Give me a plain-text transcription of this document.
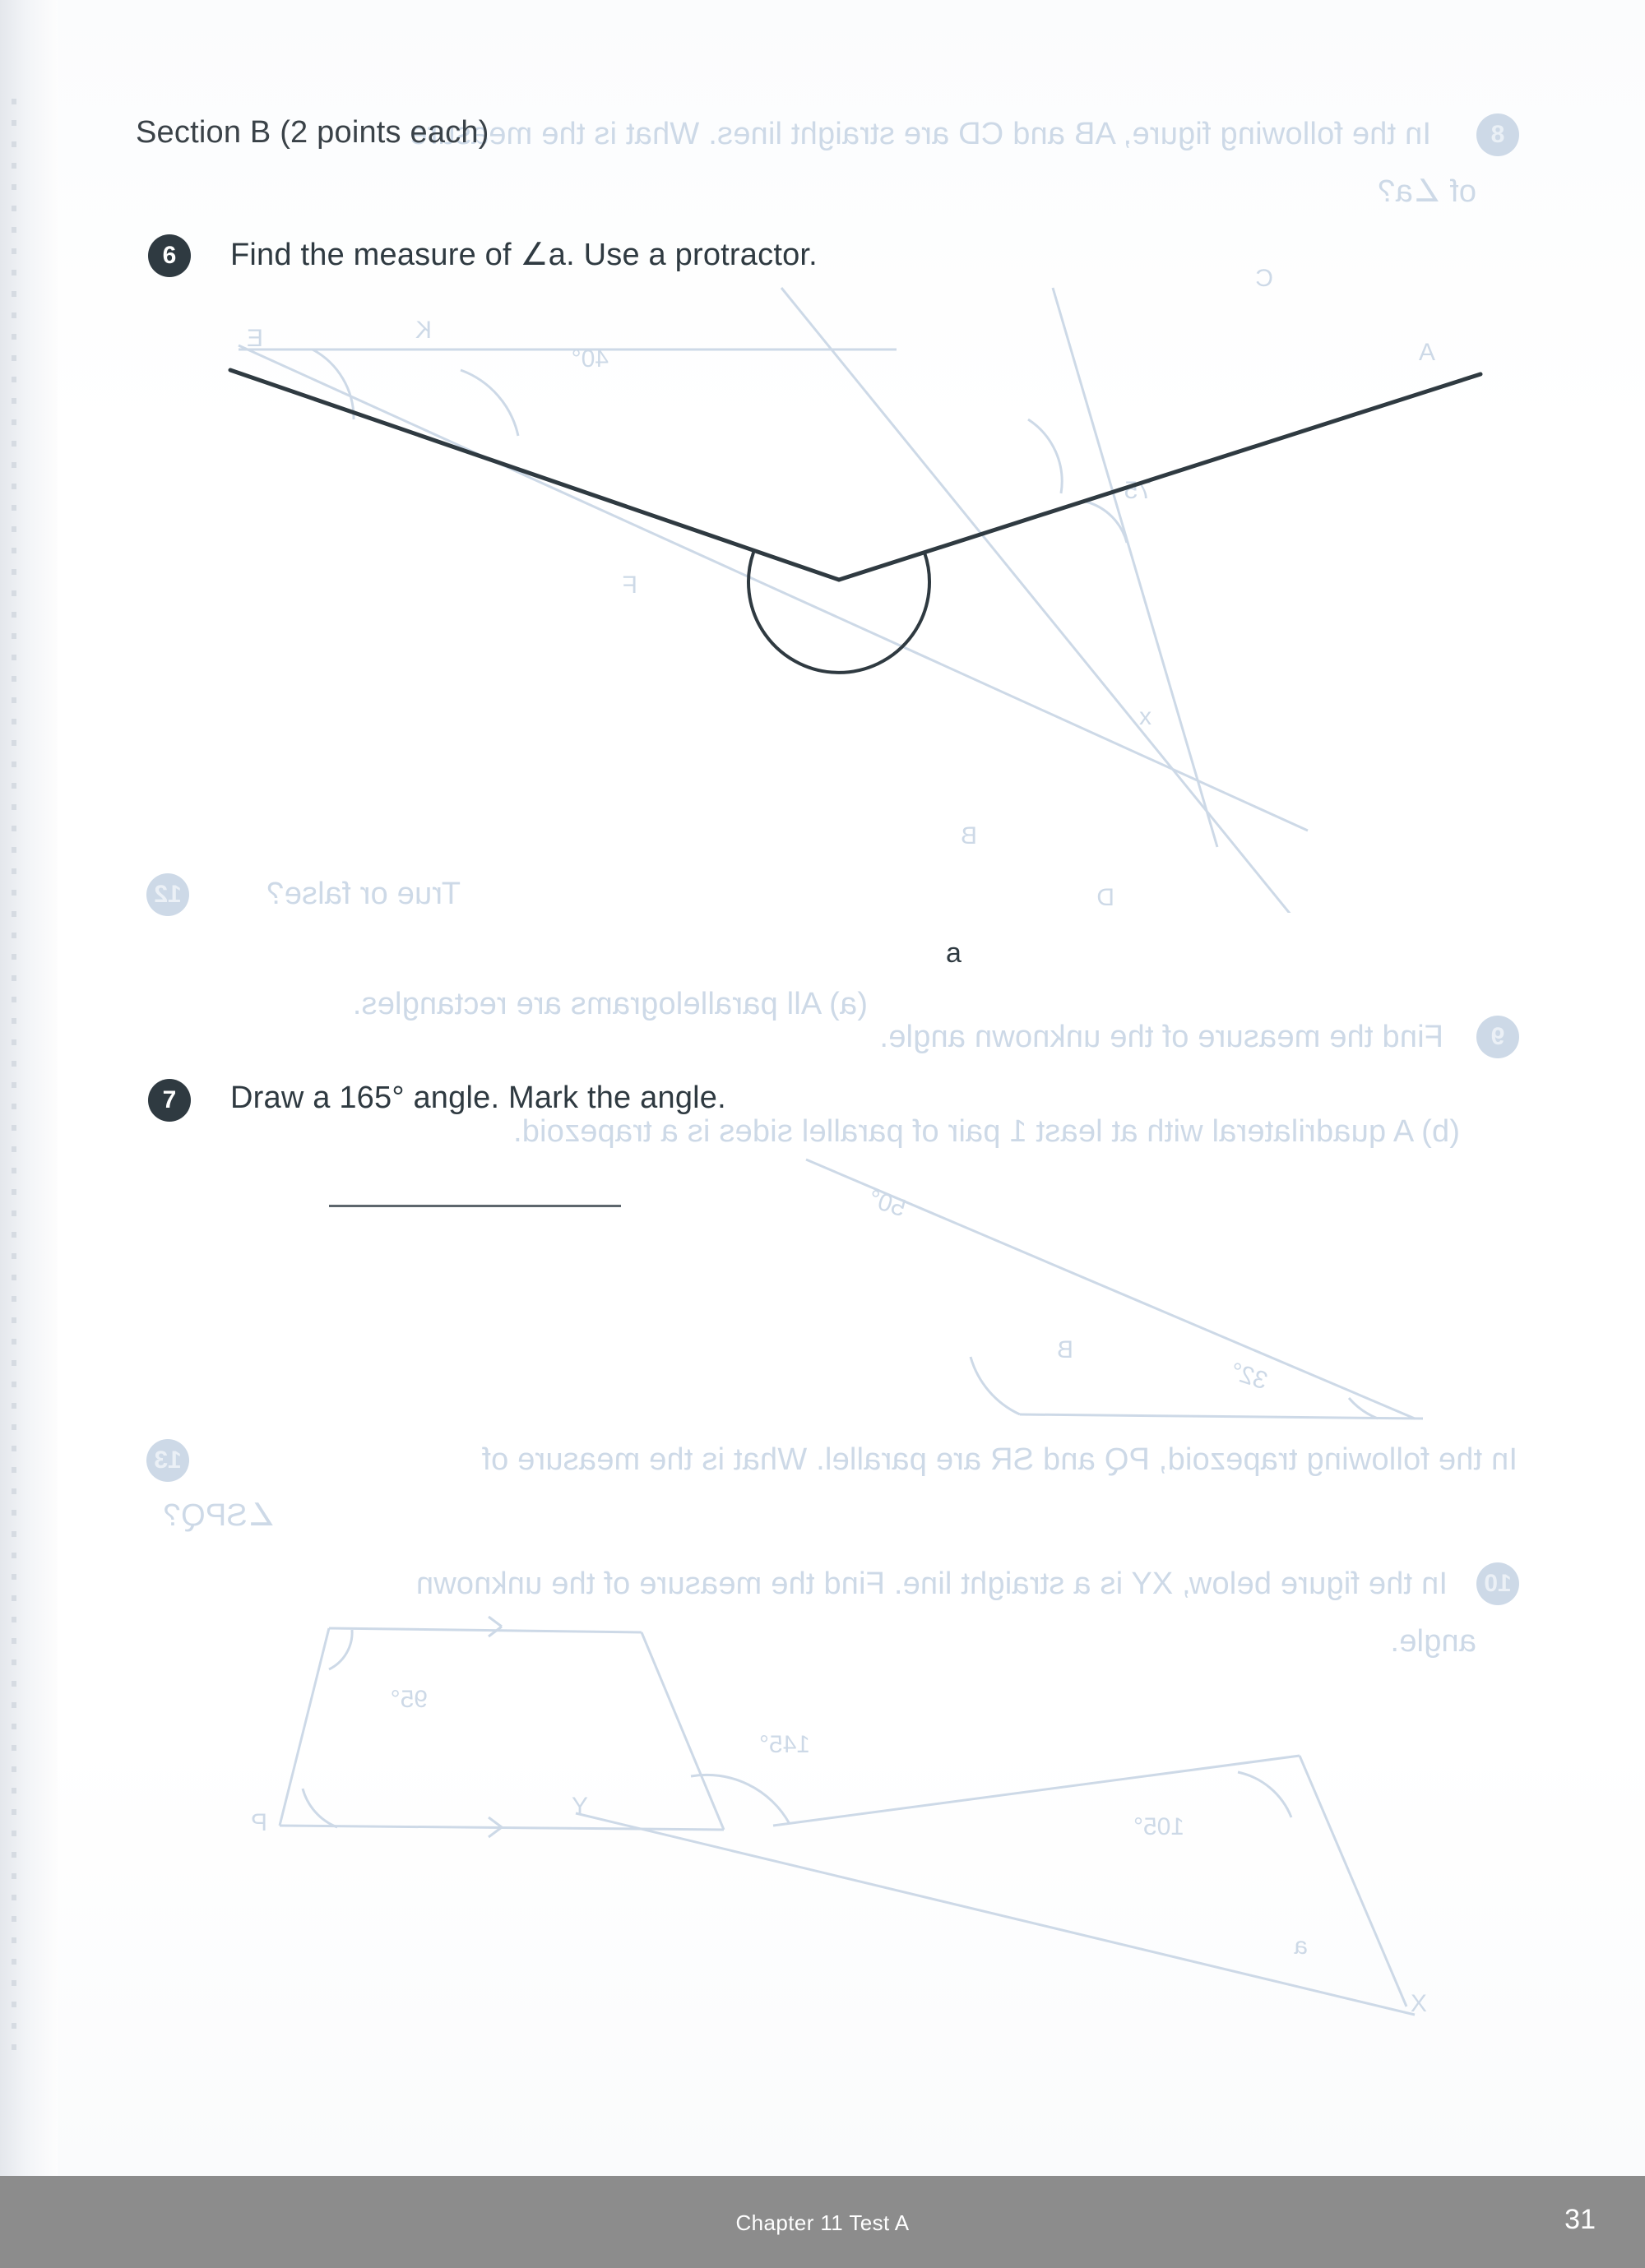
8
In the following figure, AB and CD are straight lines. What is the measure
of ∠a?
E	K
40°
C
A
F
75
B
D
x
12	True or false?
(a) All parallelograms are rectangles.
(b) A quadrilateral with at least 1 pair of parallel sides is a trapezoid.
9
Find the measure of the unknown angle.
50°
32°
B
13	In the following trapezoid, PQ and SR are parallel. What is the measure of
∠SPQ?
10
In the figure below, XY is a straight line. Find the measure of the unknown
angle.
95°
P
Y
145°
105°
a
X
Section B (2 points each)
6	Find the measure of ∠a. Use a protractor.
a
7	Draw a 165° angle. Mark the angle.
Chapter 11 Test A	31
